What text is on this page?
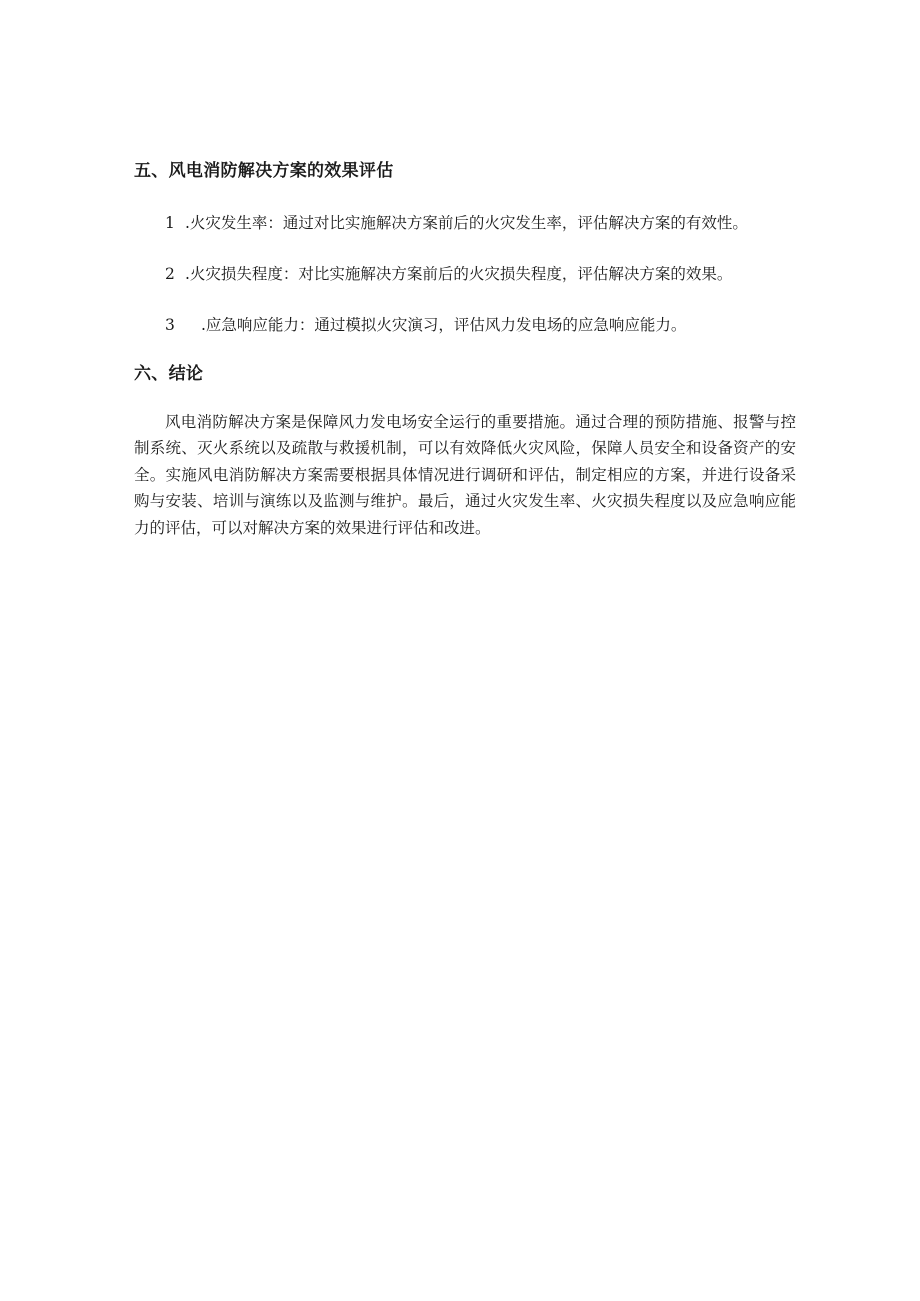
五、风电消防解决方案的效果评估
1 .火灾发生率：通过对比实施解决方案前后的火灾发生率，评估解决方案的有效性。
2 .火灾损失程度：对比实施解决方案前后的火灾损失程度，评估解决方案的效果。
3 .应急响应能力：通过模拟火灾演习，评估风力发电场的应急响应能力。
六、结论
风电消防解决方案是保障风力发电场安全运行的重要措施。通过合理的预防措施、报警与控制系统、灭火系统以及疏散与救援机制，可以有效降低火灾风险，保障人员安全和设备资产的安全。实施风电消防解决方案需要根据具体情况进行调研和评估，制定相应的方案，并进行设备采购与安装、培训与演练以及监测与维护。最后，通过火灾发生率、火灾损失程度以及应急响应能力的评估，可以对解决方案的效果进行评估和改进。
